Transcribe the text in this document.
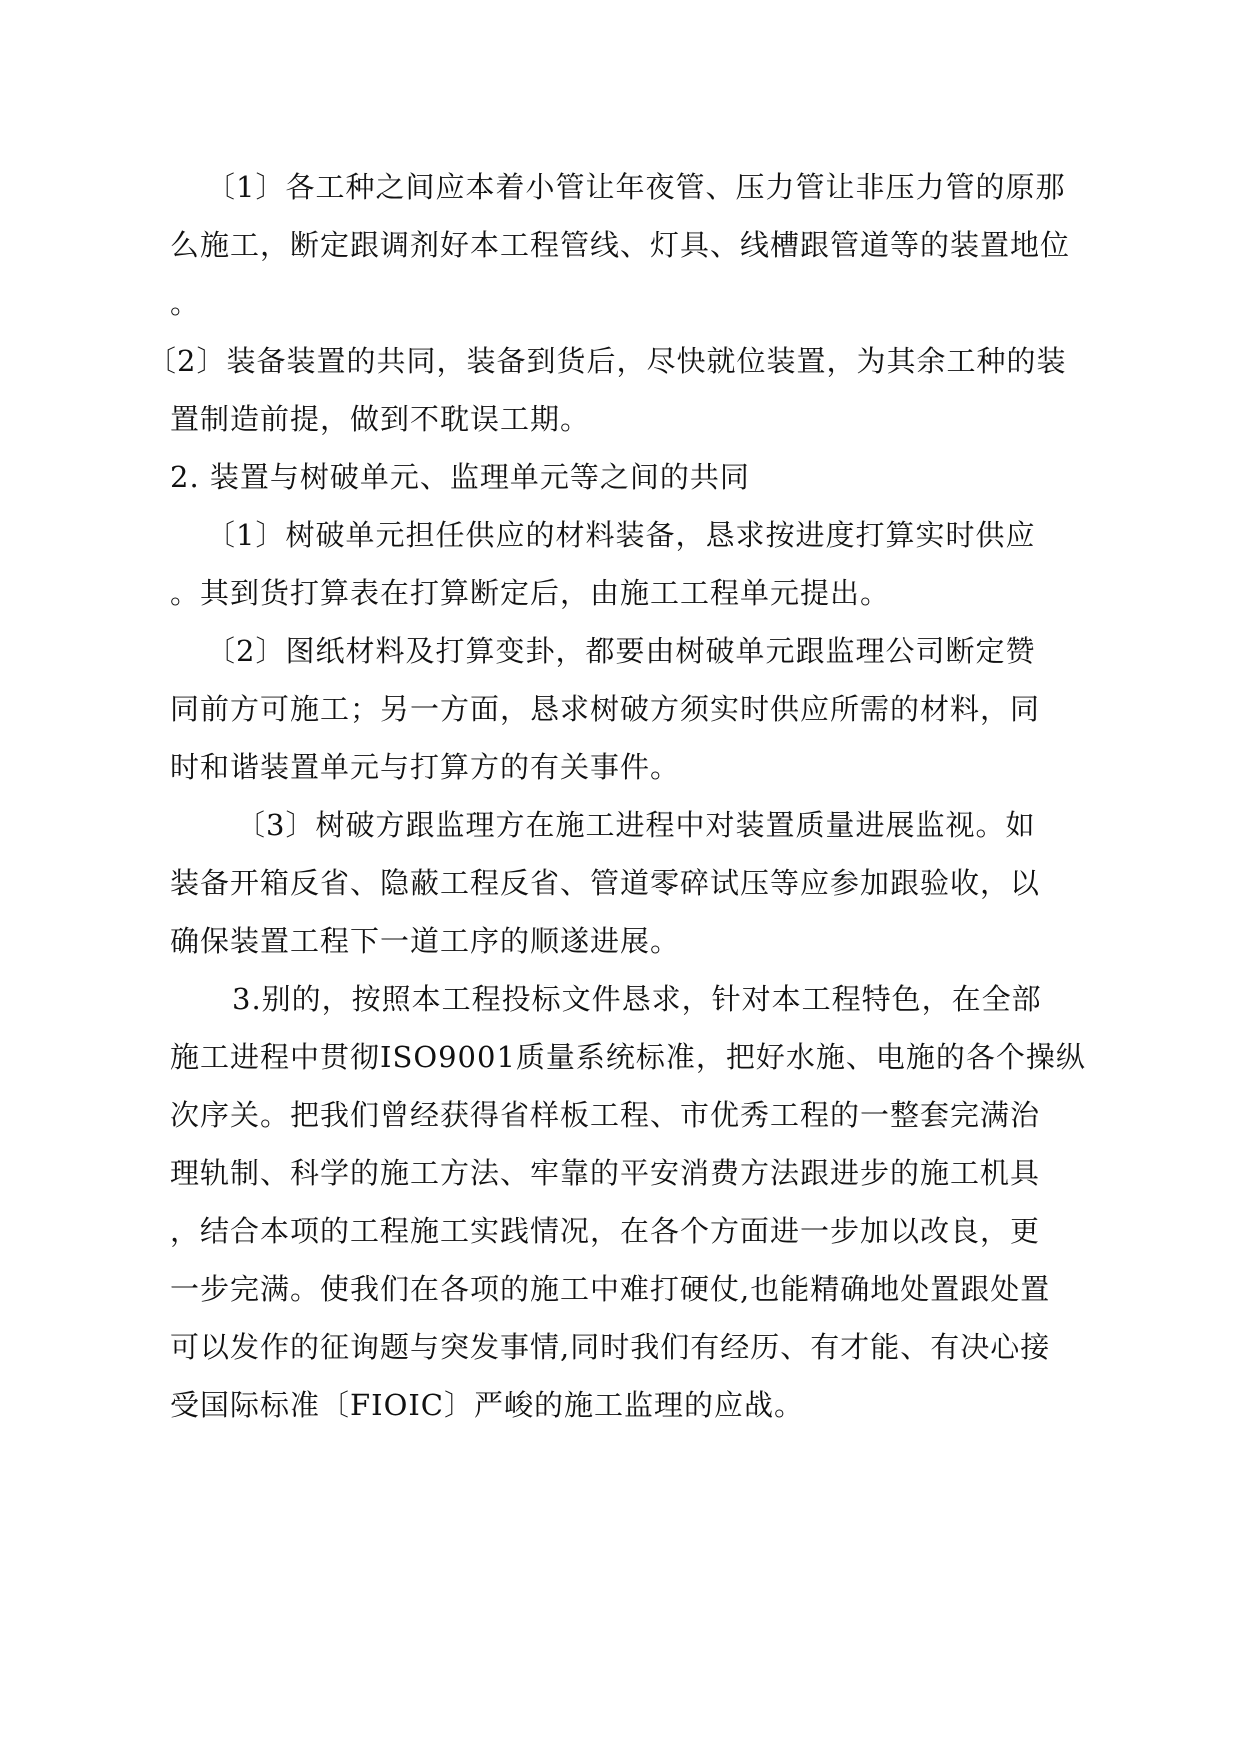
〔1〕各工种之间应本着小管让年夜管、压力管让非压力管的原那
么施工，断定跟调剂好本工程管线、灯具、线槽跟管道等的装置地位
。
〔2〕装备装置的共同，装备到货后，尽快就位装置，为其余工种的装
置制造前提，做到不耽误工期。
2. 装置与树破单元、监理单元等之间的共同
〔1〕树破单元担任供应的材料装备，恳求按进度打算实时供应
。其到货打算表在打算断定后，由施工工程单元提出。
〔2〕图纸材料及打算变卦，都要由树破单元跟监理公司断定赞
同前方可施工；另一方面，恳求树破方须实时供应所需的材料，同
时和谐装置单元与打算方的有关事件。
〔3〕树破方跟监理方在施工进程中对装置质量进展监视。如
装备开箱反省、隐蔽工程反省、管道零碎试压等应参加跟验收，以
确保装置工程下一道工序的顺遂进展。
3.别的，按照本工程投标文件恳求，针对本工程特色，在全部
施工进程中贯彻ISO9001质量系统标准，把好水施、电施的各个操纵
次序关。把我们曾经获得省样板工程、市优秀工程的一整套完满治
理轨制、科学的施工方法、牢靠的平安消费方法跟进步的施工机具
，结合本项的工程施工实践情况，在各个方面进一步加以改良，更
一步完满。使我们在各项的施工中难打硬仗,也能精确地处置跟处置
可以发作的征询题与突发事情,同时我们有经历、有才能、有决心接
受国际标准〔FIOIC〕严峻的施工监理的应战。
